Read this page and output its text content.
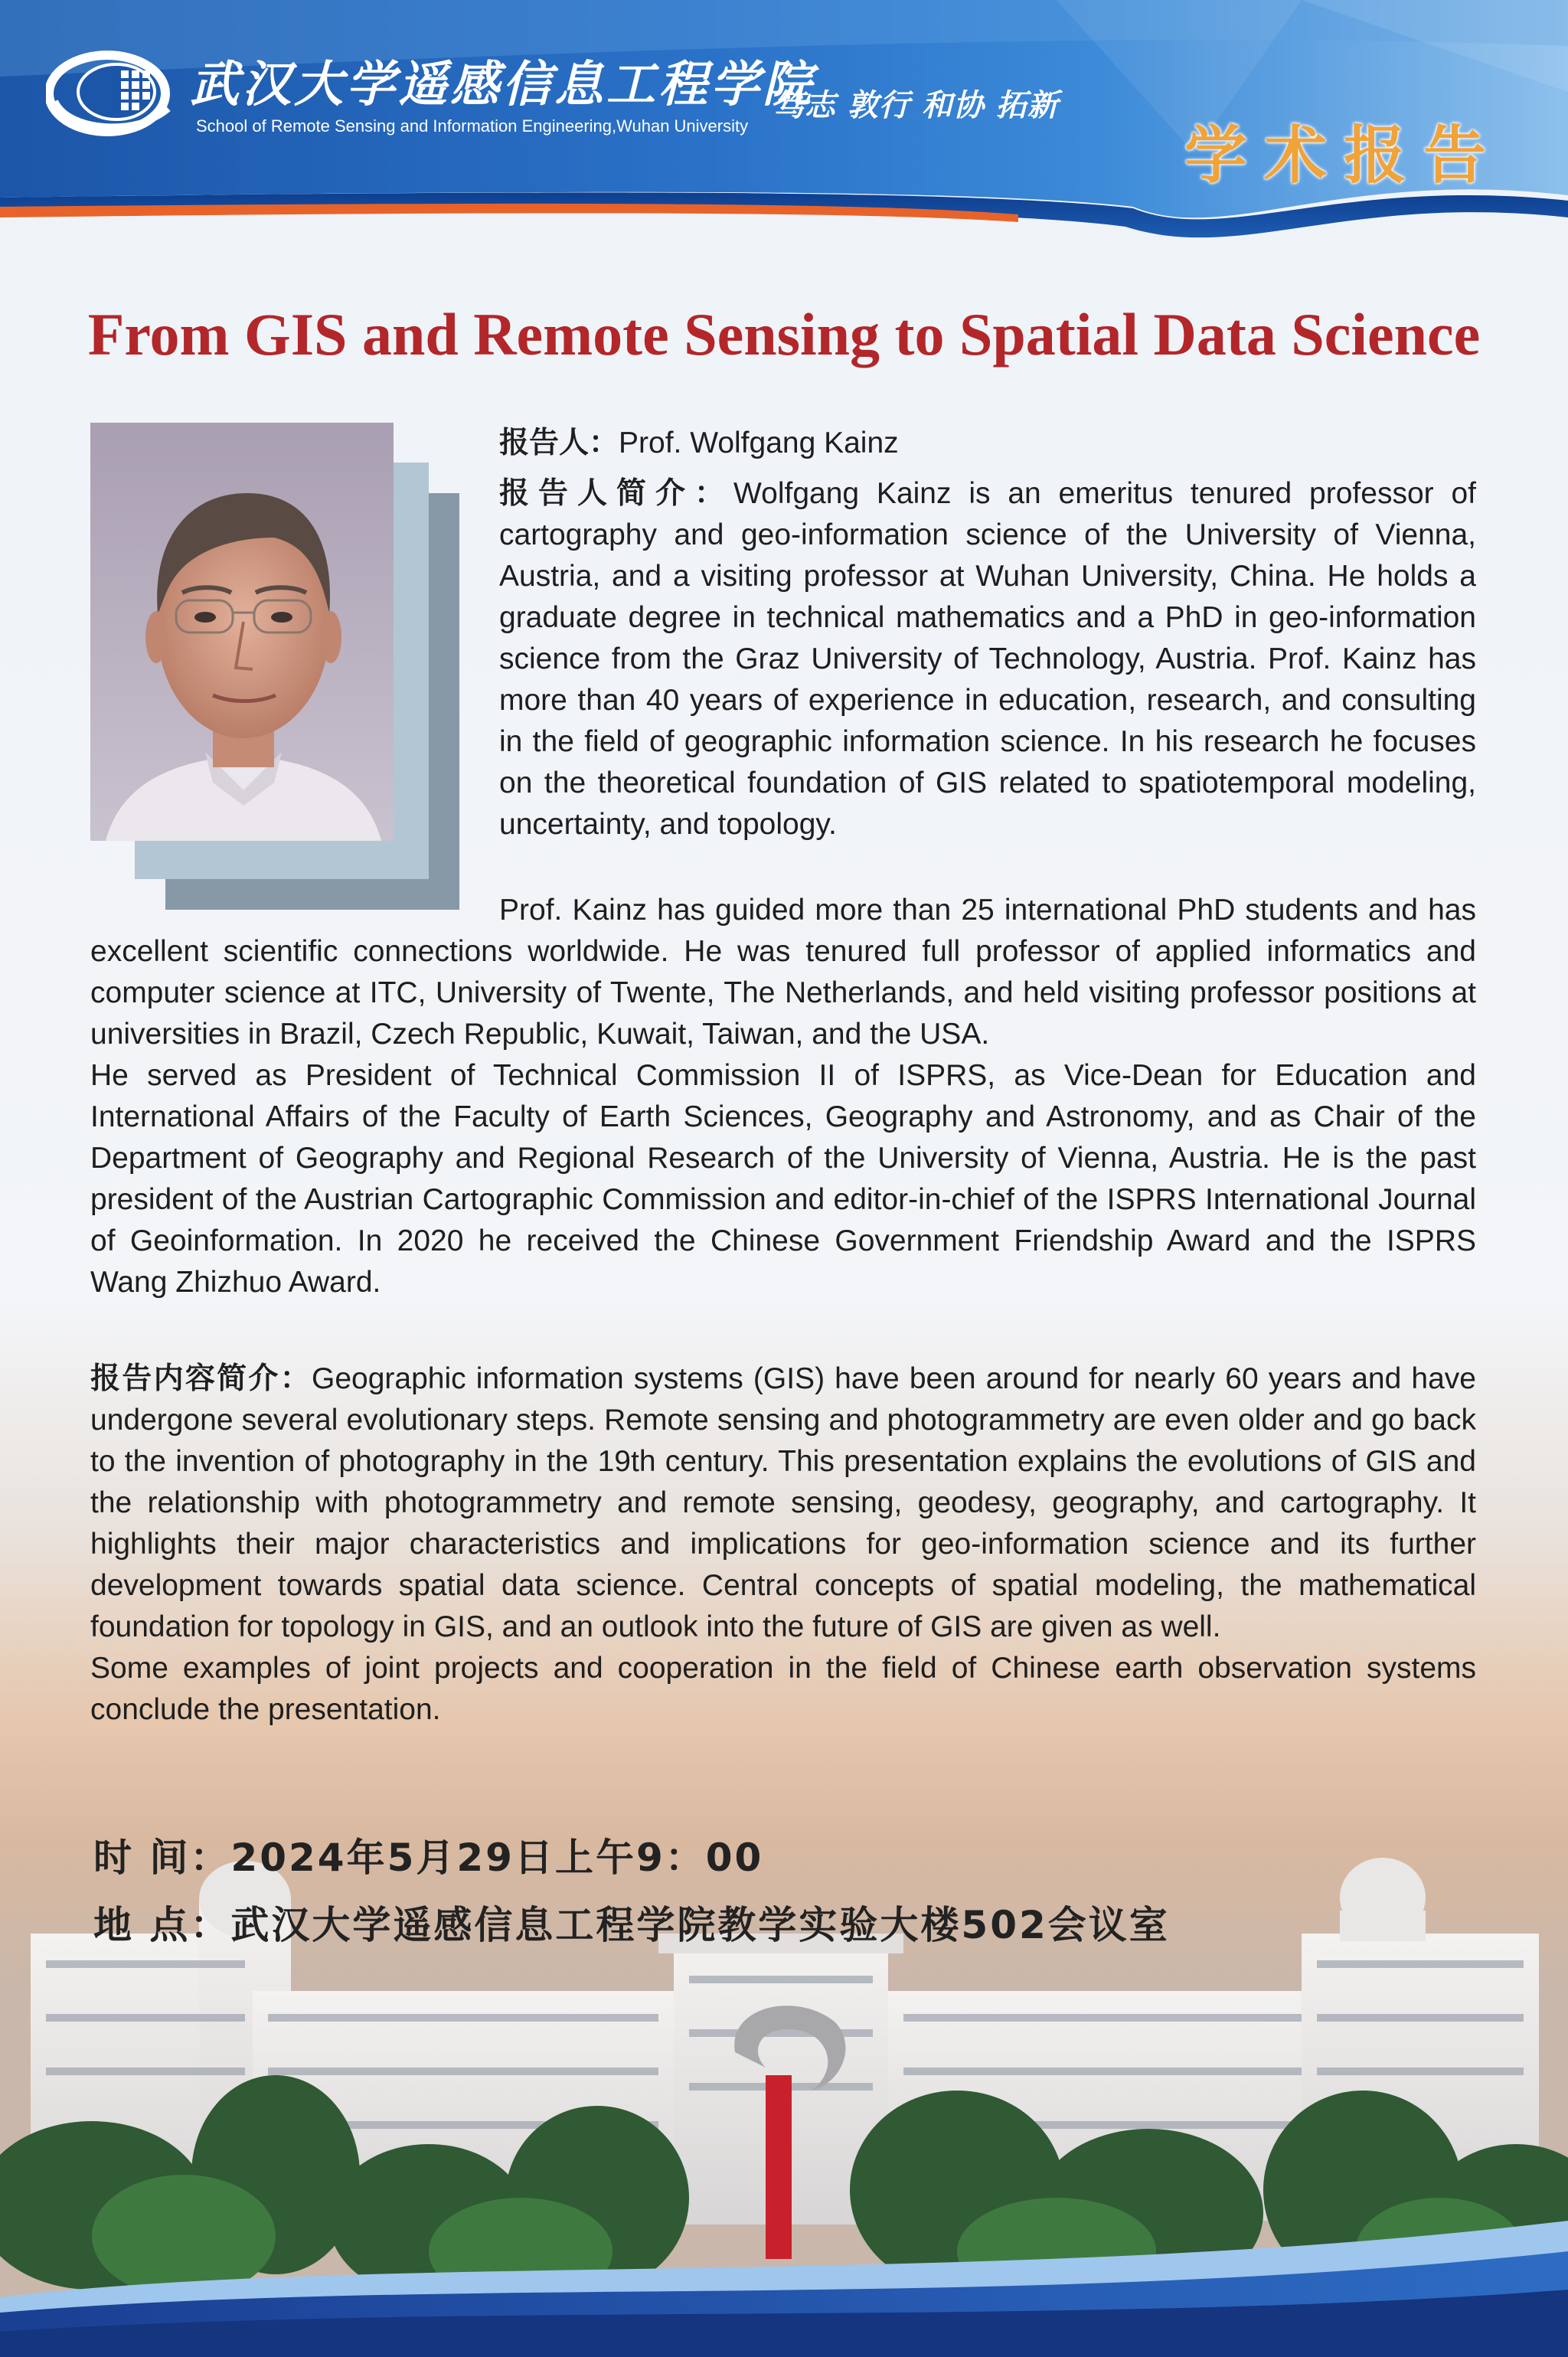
武汉大学遥感信息工程学院
School of Remote Sensing and Information Engineering,Wuhan University
笃志 敦行 和协 拓新
学术报告
From GIS and Remote Sensing to Spatial Data Science
报告人：Prof. Wolfgang Kainz
报告人简介：Wolfgang Kainz is an emeritus tenured professor of cartography and geo-information science of the University of Vienna, Austria, and a visiting professor at Wuhan University, China. He holds a graduate degree in technical mathematics and a PhD in geo-information science from the Graz University of Technology, Austria. Prof. Kainz has more than 40 years of experience in education, research, and consulting in the field of geographic information science. In his research he focuses on the theoretical foundation of GIS related to spatiotemporal modeling, uncertainty, and topology.

Prof. Kainz has guided more than 25 international PhD students and has excellent scientific connections worldwide. He was tenured full professor of applied informatics and computer science at ITC, University of Twente, The Netherlands, and held visiting professor positions at universities in Brazil, Czech Republic, Kuwait, Taiwan, and the USA.

He served as President of Technical Commission II of ISPRS, as Vice-Dean for Education and International Affairs of the Faculty of Earth Sciences, Geography and Astronomy, and as Chair of the Department of Geography and Regional Research of the University of Vienna, Austria. He is the past president of the Austrian Cartographic Commission and editor-in-chief of the ISPRS International Journal of Geoinformation. In 2020 he received the Chinese Government Friendship Award and the ISPRS Wang Zhizhuo Award.

报告内容简介：Geographic information systems (GIS) have been around for nearly 60 years and have undergone several evolutionary steps. Remote sensing and photogrammetry are even older and go back to the invention of photography in the 19th century. This presentation explains the evolutions of GIS and the relationship with photogrammetry and remote sensing, geodesy, geography, and cartography. It highlights their major characteristics and implications for geo-information science and its further development towards spatial data science. Central concepts of spatial modeling, the mathematical foundation for topology in GIS, and an outlook into the future of GIS are given as well.

Some examples of joint projects and cooperation in the field of Chinese earth observation systems conclude the presentation.

时 间：2024年5月29日上午9：00
地 点：武汉大学遥感信息工程学院教学实验大楼502会议室
